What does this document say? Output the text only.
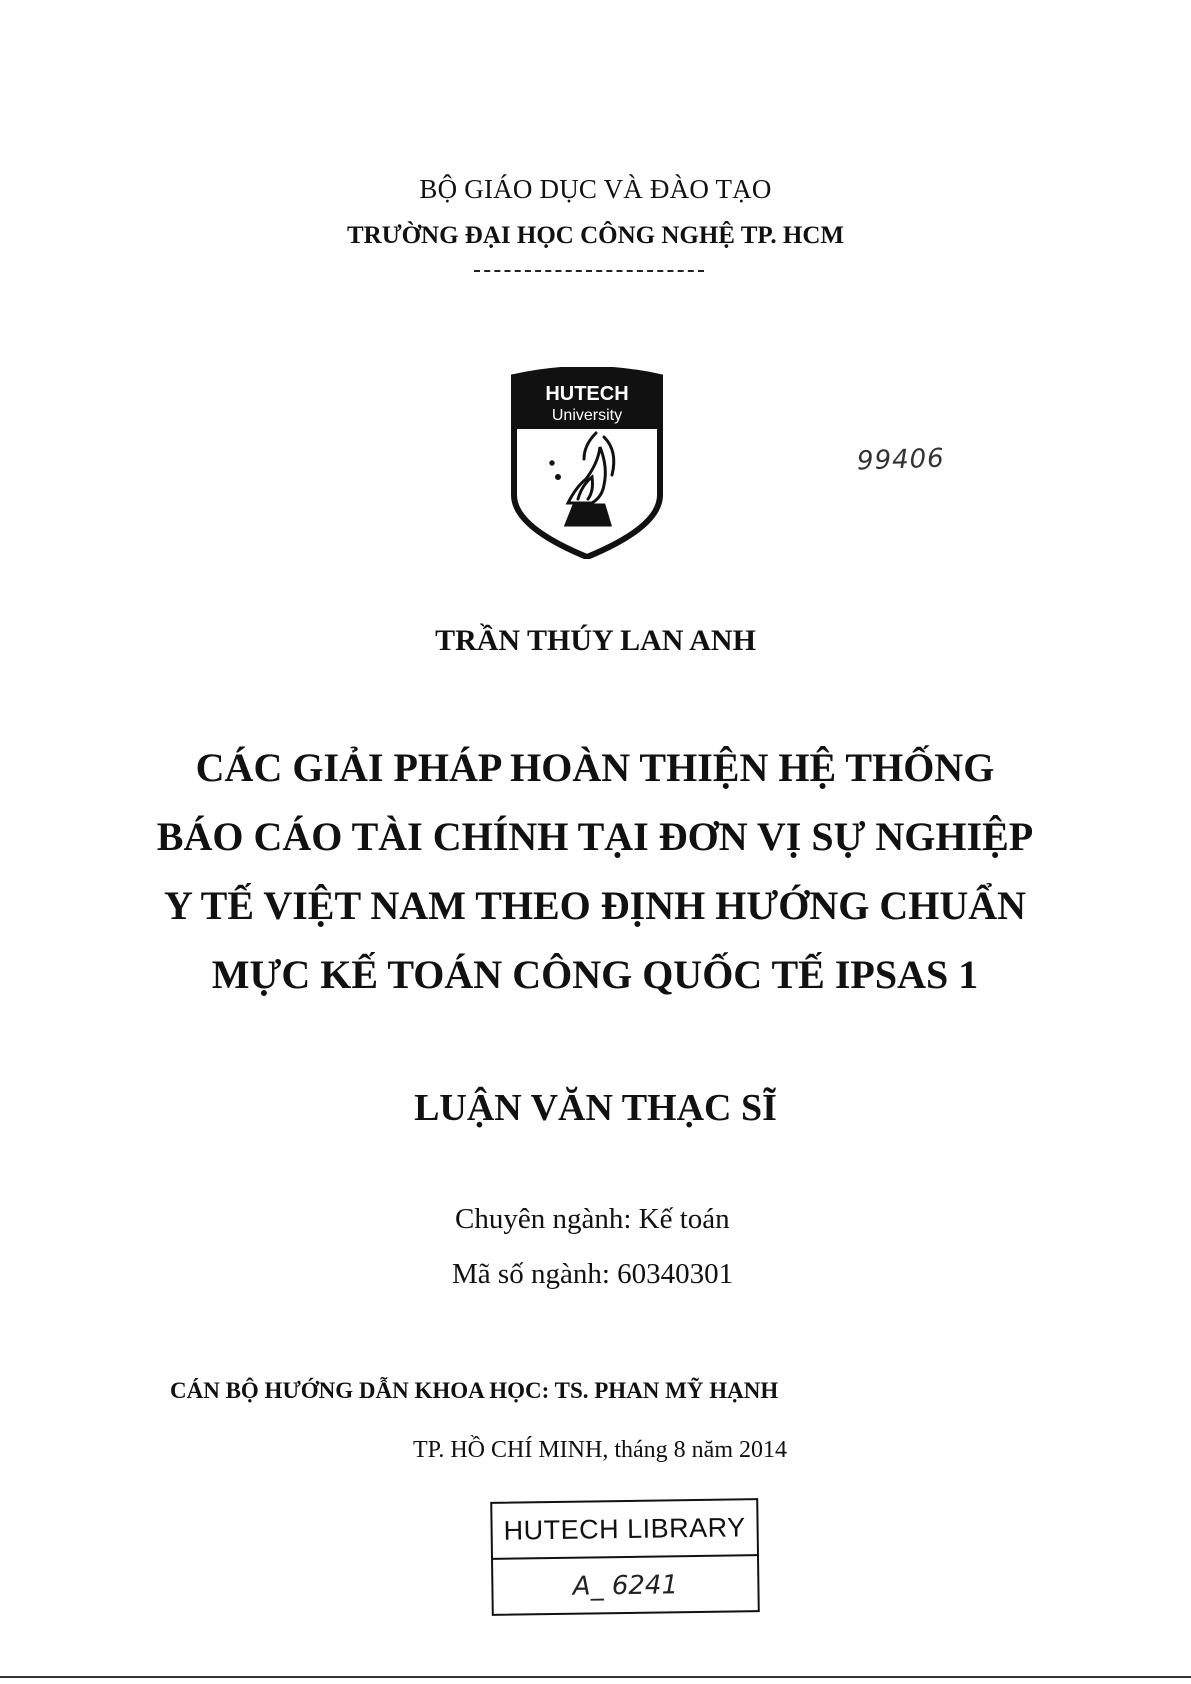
BỘ GIÁO DỤC VÀ ĐÀO TẠO
TRƯỜNG ĐẠI HỌC CÔNG NGHỆ TP. HCM
HUTECH
University
99406
TRẦN THÚY LAN ANH
CÁC GIẢI PHÁP HOÀN THIỆN HỆ THỐNG
BÁO CÁO TÀI CHÍNH TẠI ĐƠN VỊ SỰ NGHIỆP
Y TẾ VIỆT NAM THEO ĐỊNH HƯỚNG CHUẨN
MỰC KẾ TOÁN CÔNG QUỐC TẾ IPSAS 1
LUẬN VĂN THẠC SĨ
Chuyên ngành: Kế toán
Mã số ngành: 60340301
CÁN BỘ HƯỚNG DẪN KHOA HỌC: TS. PHAN MỸ HẠNH
TP. HỒ CHÍ MINH, tháng 8 năm 2014
HUTECH LIBRARY
A_ 6241
